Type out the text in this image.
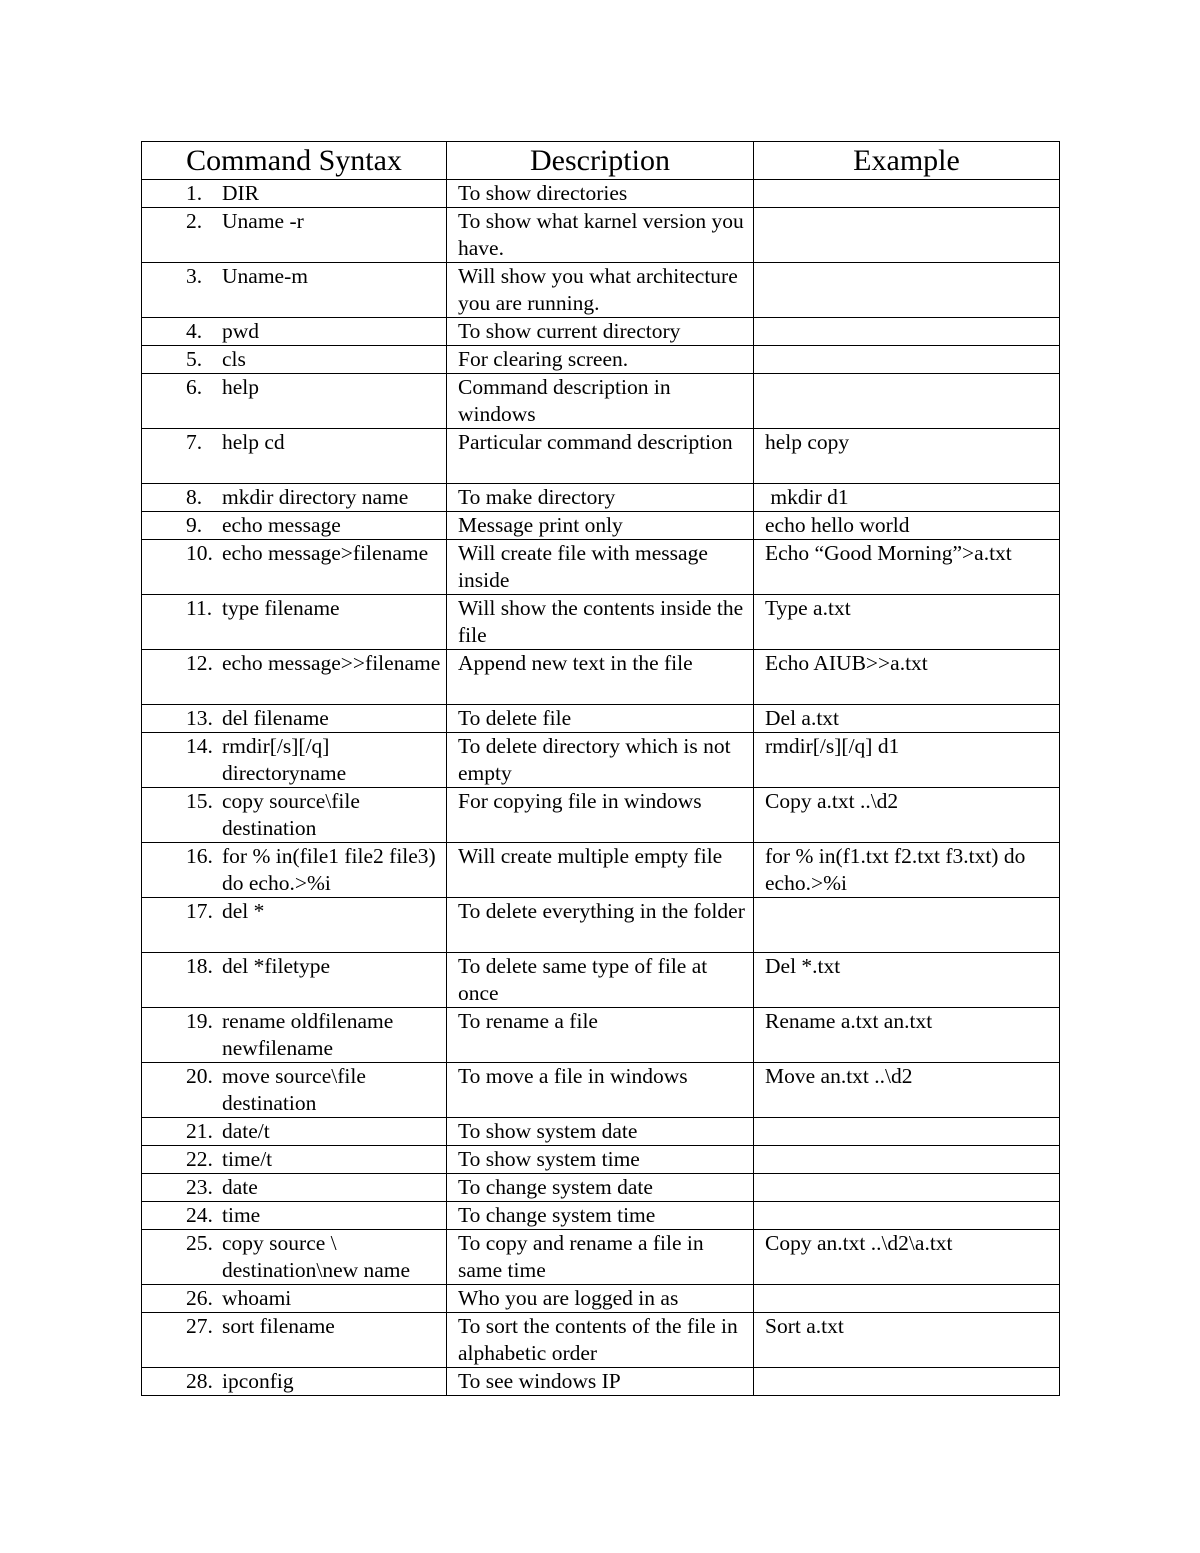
Command Syntax	Description	Example

1. DIR	To show directories	

2. Uname -r	To show what karnel version you have.	

3. Uname-m	Will show you what architecture you are running.	

4. pwd	To show current directory	

5. cls	For clearing screen.	

6. help	Command description in windows	

7. help cd	Particular command description	help copy

8. mkdir directory name	To make directory	mkdir d1

9. echo message	Message print only	echo hello world

10. echo message>filename	Will create file with message inside	Echo “Good Morning”>a.txt

11. type filename	Will show the contents inside the file	Type a.txt

12. echo message>>filename	Append new text in the file	Echo AIUB>>a.txt

13. del filename	To delete file	Del a.txt

14. rmdir[/s][/q] directoryname	To delete directory which is not empty	rmdir[/s][/q] d1

15. copy source\file destination	For copying file in windows	Copy a.txt ..\d2

16. for % in(file1 file2 file3) do echo.>%i	Will create multiple empty file	for % in(f1.txt f2.txt f3.txt) do echo.>%i

17. del *	To delete everything in the folder	

18. del *filetype	To delete same type of file at once	Del *.txt

19. rename oldfilename newfilename	To rename a file	Rename a.txt an.txt

20. move source\file destination	To move a file in windows	Move an.txt ..\d2

21. date/t	To show system date	

22. time/t	To show system time	

23. date	To change system date	

24. time	To change system time	

25. copy source \ destination\new name	To copy and rename a file in same time	Copy an.txt ..\d2\a.txt

26. whoami	Who you are logged in as	

27. sort filename	To sort the contents of the file in alphabetic order	Sort a.txt

28. ipconfig	To see windows IP	
